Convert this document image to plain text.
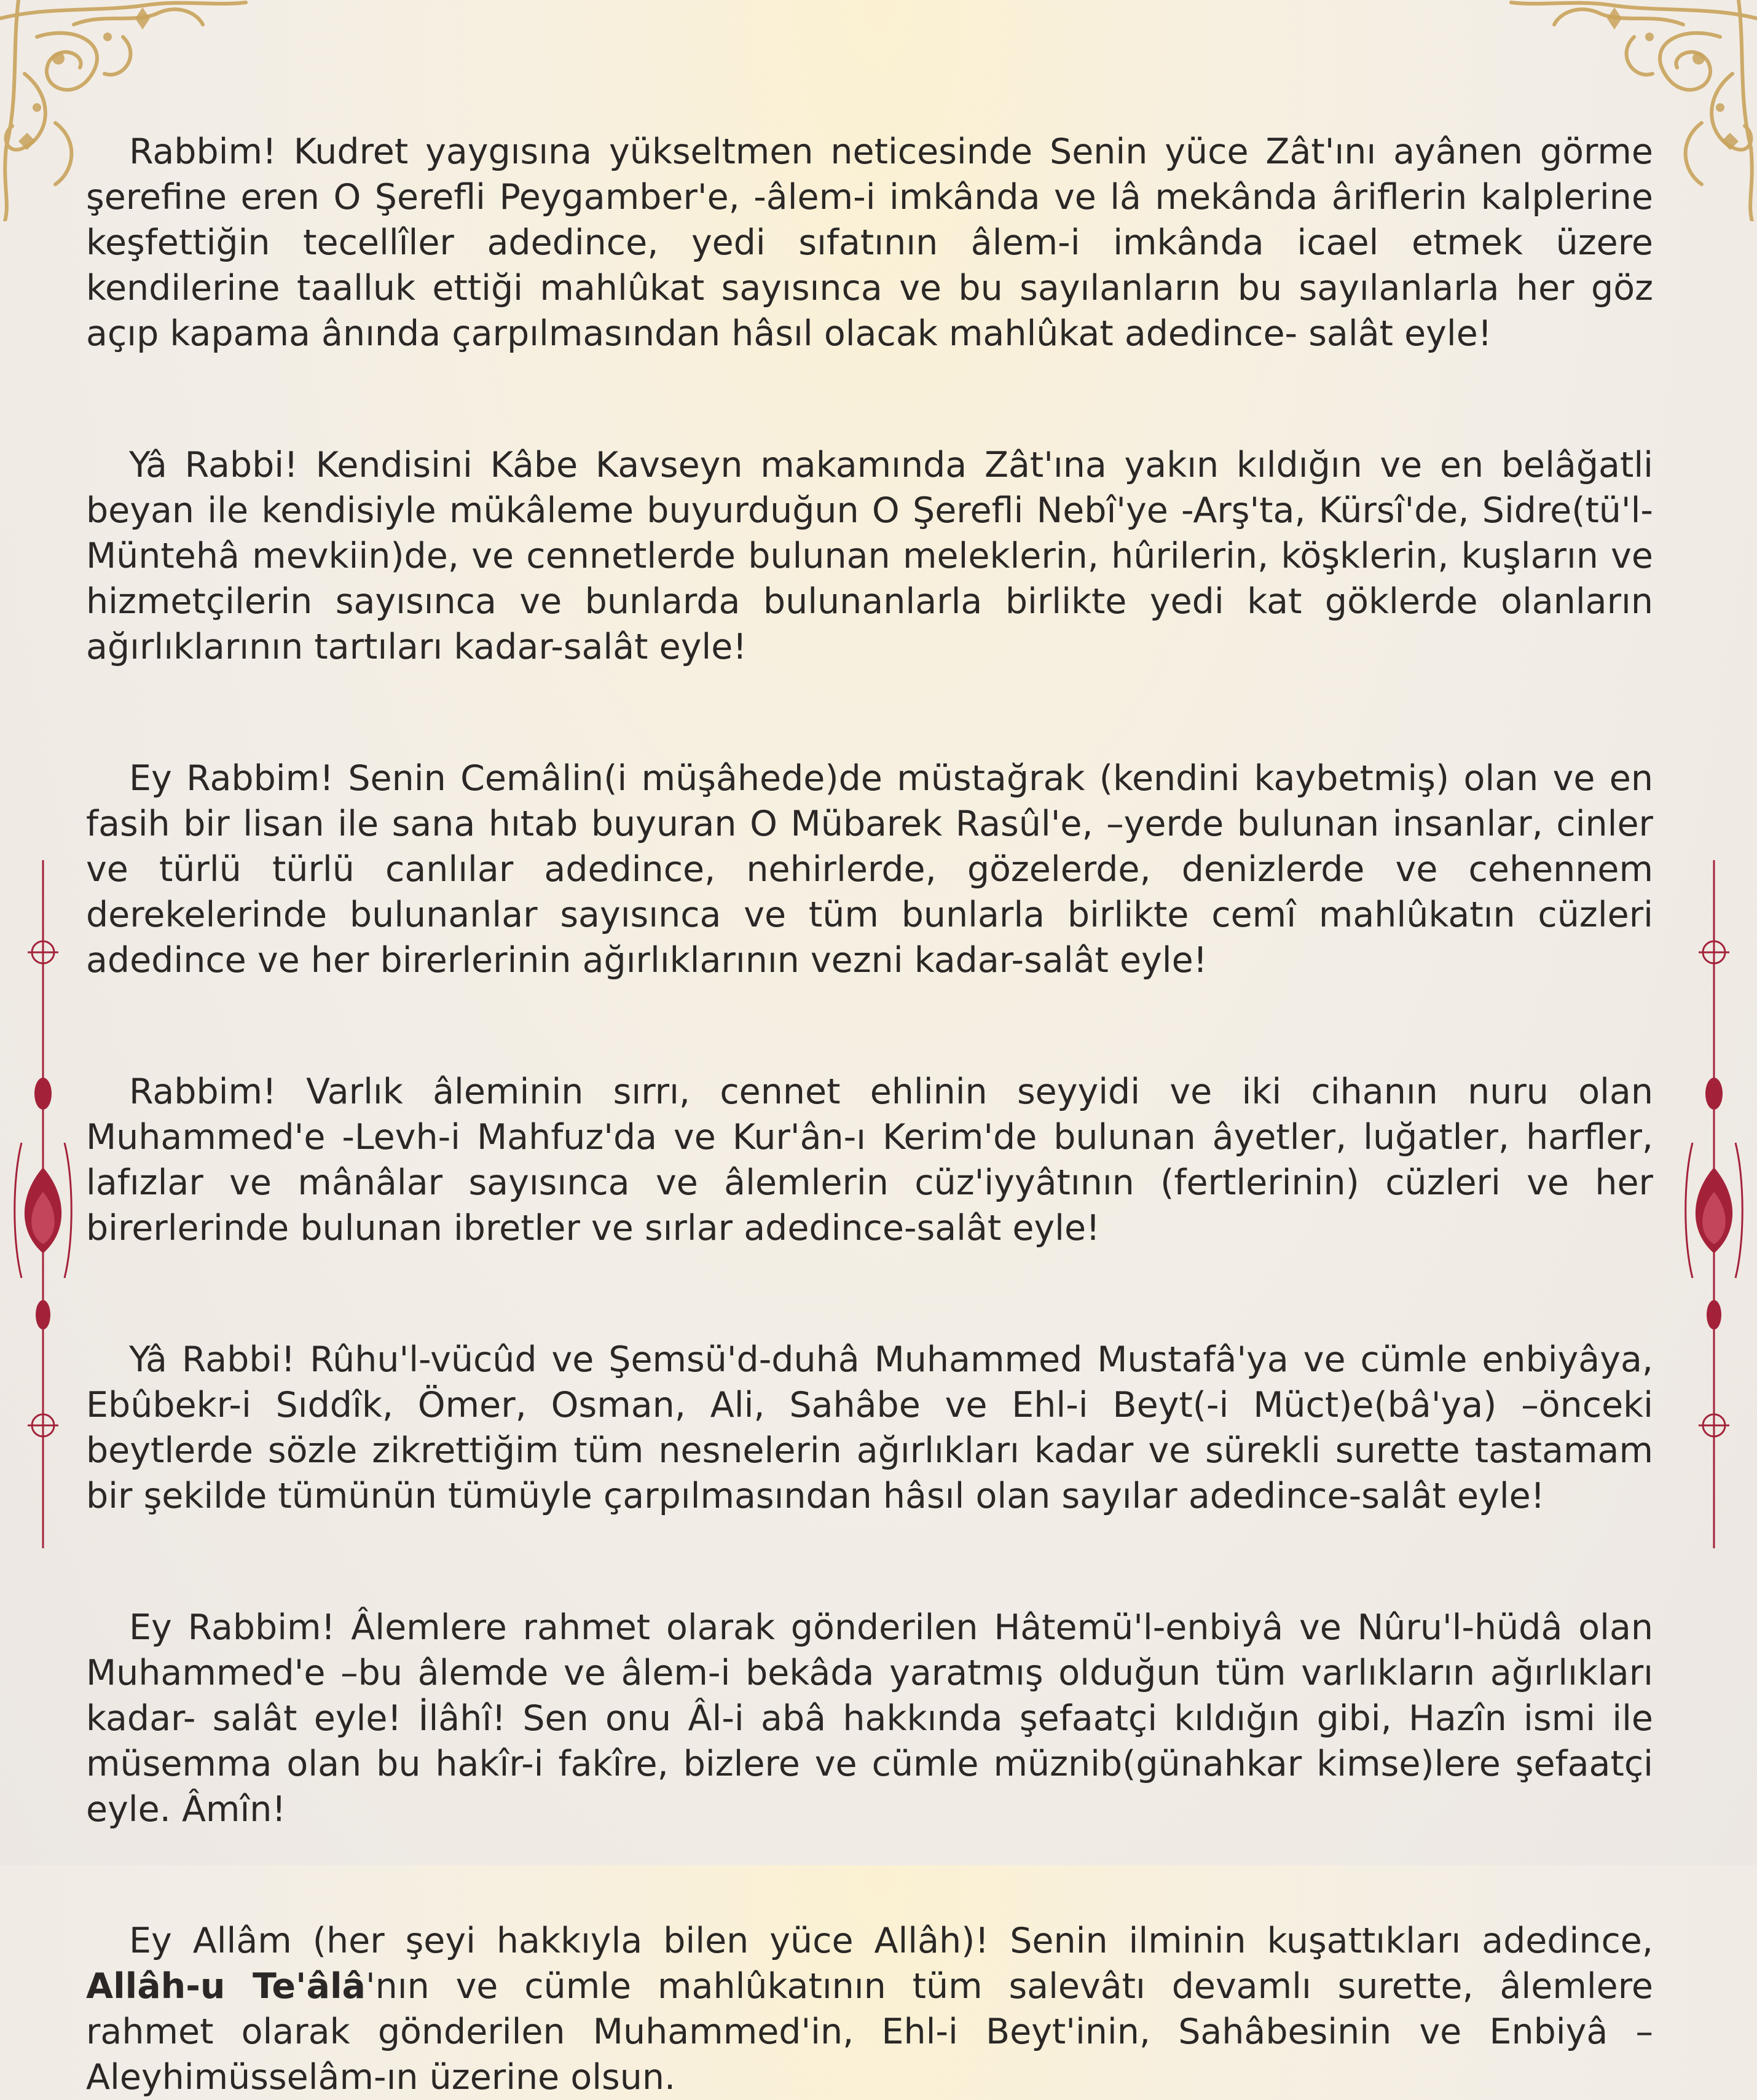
Rabbim! Kudret yaygısına yükseltmen neticesinde Senin yüce Zât'ını ayânen görme şerefine eren O Şerefli Peygamber'e, -âlem-i imkânda ve lâ mekânda âriflerin kalplerine keşfettiğin tecellîler adedince, yedi sıfatının âlem-i imkânda icael etmek üzere kendilerine taalluk ettiği mahlûkat sayısınca ve bu sayılanların bu sayılanlarla her göz açıp kapama ânında çarpılmasından hâsıl olacak mahlûkat adedince- salât eyle!

Yâ Rabbi! Kendisini Kâbe Kavseyn makamında Zât'ına yakın kıldığın ve en belâğatli beyan ile kendisiyle mükâleme buyurduğun O Şerefli Nebî'ye -Arş'ta, Kürsî'de, Sidre(tü'l-Müntehâ mevkiin)de, ve cennetlerde bulunan meleklerin, hûrilerin, köşklerin, kuşların ve hizmetçilerin sayısınca ve bunlarda bulunanlarla birlikte yedi kat göklerde olanların ağırlıklarının tartıları kadar-salât eyle!

Ey Rabbim! Senin Cemâlin(i müşâhede)de müstağrak (kendini kaybetmiş) olan ve en fasih bir lisan ile sana hıtab buyuran O Mübarek Rasûl'e, –yerde bulunan insanlar, cinler ve türlü türlü canlılar adedince, nehirlerde, gözelerde, denizlerde ve cehennem derekelerinde bulunanlar sayısınca ve tüm bunlarla birlikte cemî mahlûkatın cüzleri adedince ve her birerlerinin ağırlıklarının vezni kadar-salât eyle!

Rabbim! Varlık âleminin sırrı, cennet ehlinin seyyidi ve iki cihanın nuru olan Muhammed'e -Levh-i Mahfuz'da ve Kur'ân-ı Kerim'de bulunan âyetler, luğatler, harfler, lafızlar ve mânâlar sayısınca ve âlemlerin cüz'iyyâtının (fertlerinin) cüzleri ve her birerlerinde bulunan ibretler ve sırlar adedince-salât eyle!

Yâ Rabbi! Rûhu'l-vücûd ve Şemsü'd-duhâ Muhammed Mustafâ'ya ve cümle enbiyâya, Ebûbekr-i Sıddîk, Ömer, Osman, Ali, Sahâbe ve Ehl-i Beyt(-i Müct)e(bâ'ya) –önceki beytlerde sözle zikrettiğim tüm nesnelerin ağırlıkları kadar ve sürekli surette tastamam bir şekilde tümünün tümüyle çarpılmasından hâsıl olan sayılar adedince-salât eyle!

Ey Rabbim! Âlemlere rahmet olarak gönderilen Hâtemü'l-enbiyâ ve Nûru'l-hüdâ olan Muhammed'e –bu âlemde ve âlem-i bekâda yaratmış olduğun tüm varlıkların ağırlıkları kadar- salât eyle! İlâhî! Sen onu Âl-i abâ hakkında şefaatçi kıldığın gibi, Hazîn ismi ile müsemma olan bu hakîr-i fakîre, bizlere ve cümle müznib(günahkar kimse)lere şefaatçi eyle. Âmîn!

Ey Allâm (her şeyi hakkıyla bilen yüce Allâh)! Senin ilminin kuşattıkları adedince, Allâh-u Te'âlâ'nın ve cümle mahlûkatının tüm salevâtı devamlı surette, âlemlere rahmet olarak gönderilen Muhammed'in, Ehl-i Beyt'inin, Sahâbesinin ve Enbiyâ –Aleyhimüsselâm-ın üzerine olsun.
